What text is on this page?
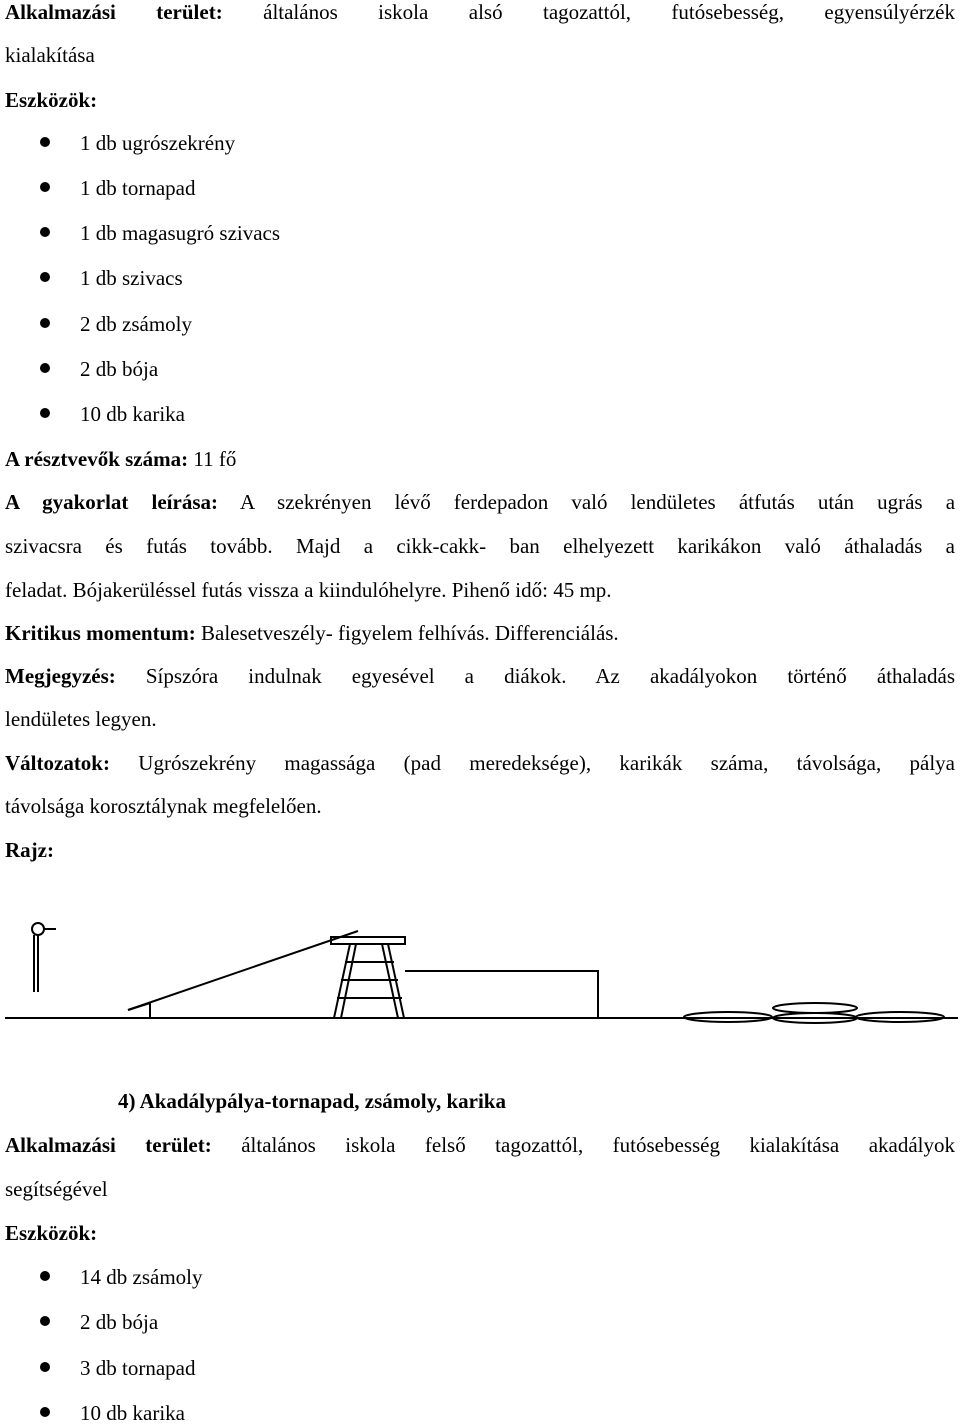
Alkalmazási terület: általános iskola alsó tagozattól, futósebesség, egyensúlyérzék
kialakítása
Eszközök:
1 db ugrószekrény
1 db tornapad
1 db magasugró szivacs
1 db szivacs
2 db zsámoly
2 db bója
10 db karika
A résztvevők száma: 11 fő
A gyakorlat leírása: A szekrényen lévő ferdepadon való lendületes átfutás után ugrás a
szivacsra és futás tovább. Majd a cikk-cakk- ban elhelyezett karikákon való áthaladás a
feladat. Bójakerüléssel futás vissza a kiindulóhelyre. Pihenő idő: 45 mp.
Kritikus momentum: Balesetveszély- figyelem felhívás. Differenciálás.
Megjegyzés: Sípszóra indulnak egyesével a diákok. Az akadályokon történő áthaladás
lendületes legyen.
Változatok: Ugrószekrény magassága (pad meredeksége), karikák száma, távolsága, pálya
távolsága korosztálynak megfelelően.
Rajz:
4) Akadálypálya-tornapad, zsámoly, karika
Alkalmazási terület: általános iskola felső tagozattól, futósebesség kialakítása akadályok
segítségével
Eszközök:
14 db zsámoly
2 db bója
3 db tornapad
10 db karika
